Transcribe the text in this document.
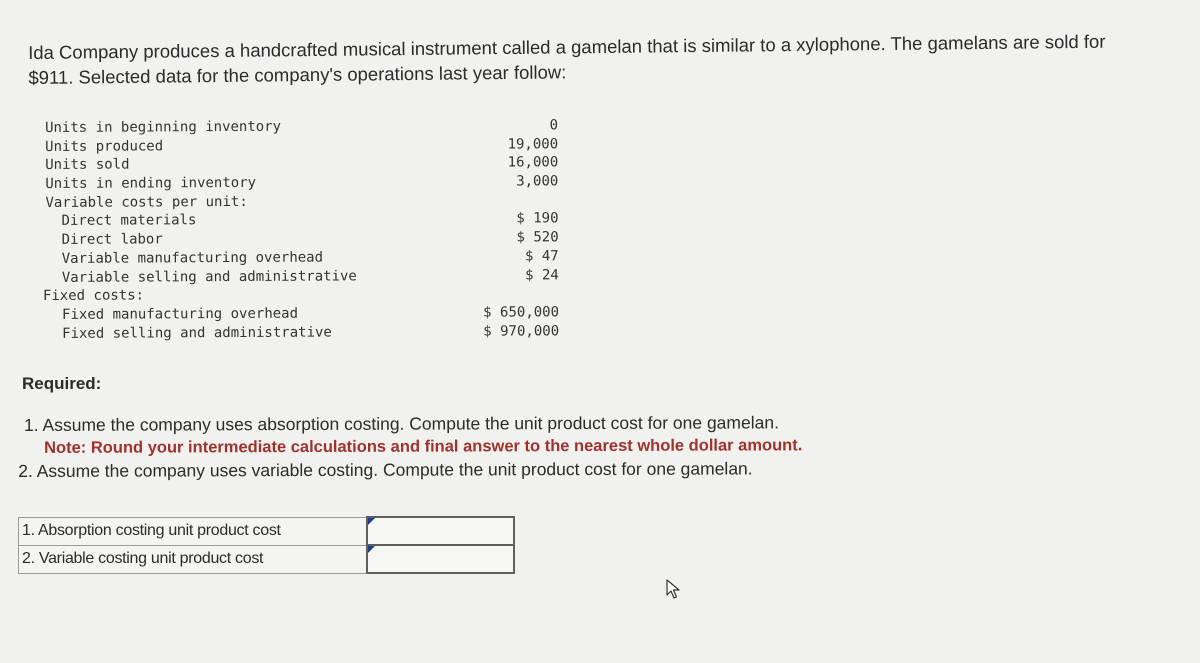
Ida Company produces a handcrafted musical instrument called a gamelan that is similar to a xylophone. The gamelans are sold for

$911. Selected data for the company's operations last year follow:

Units in beginning inventory	0
Units produced	19,000
Units sold	16,000
Units in ending inventory	3,000
Variable costs per unit:
Direct materials	$ 190
Direct labor	$ 520
Variable manufacturing overhead	$ 47
Variable selling and administrative	$ 24
Fixed costs:
Fixed manufacturing overhead	$ 650,000
Fixed selling and administrative	$ 970,000
Required:
1. Assume the company uses absorption costing. Compute the unit product cost for one gamelan.
Note: Round your intermediate calculations and final answer to the nearest whole dollar amount.
2. Assume the company uses variable costing. Compute the unit product cost for one gamelan.
1. Absorption costing unit product cost	

2. Variable costing unit product cost	
